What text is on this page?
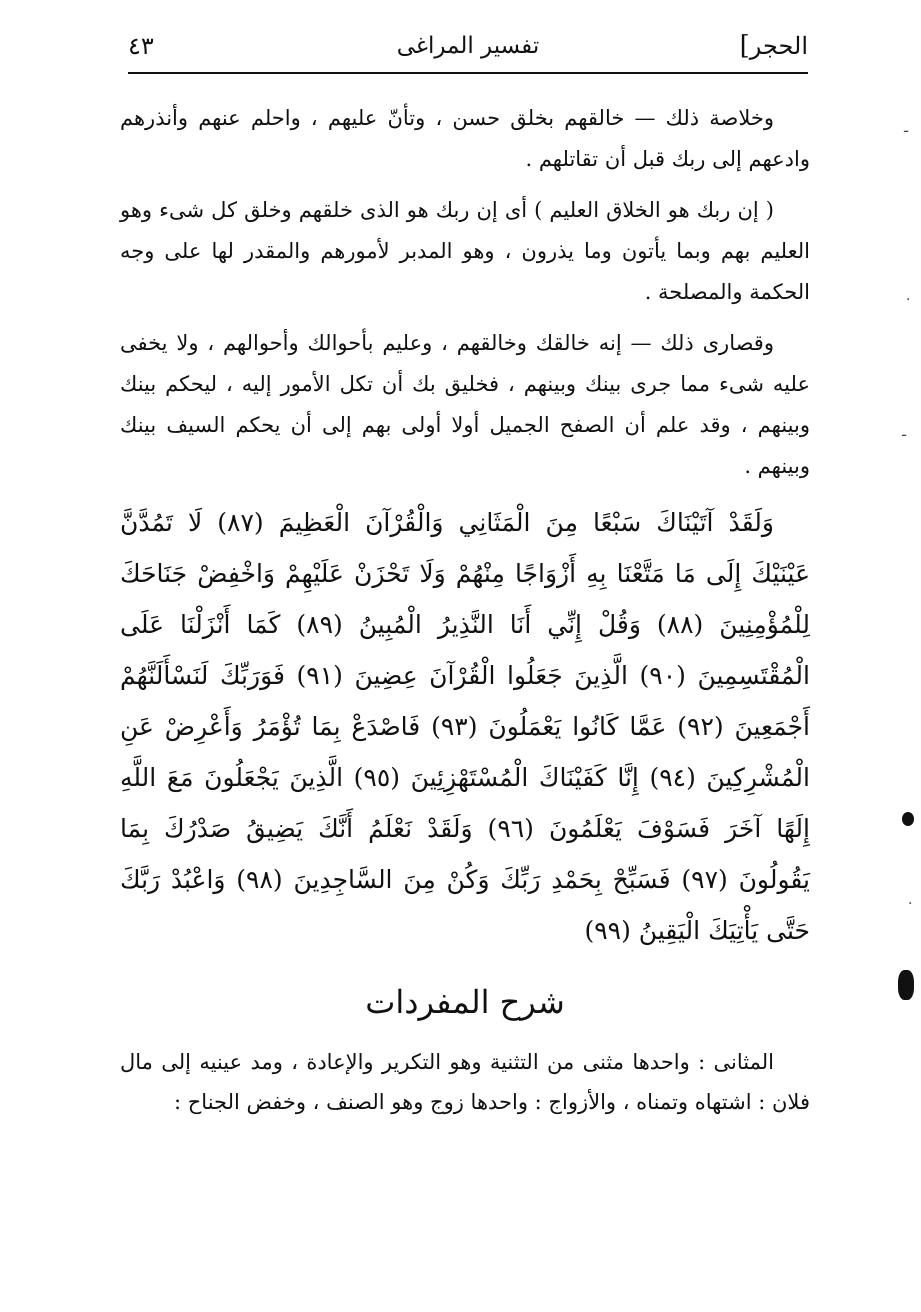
الحجر]
تفسير المراغى
٤٣

وخلاصة ذلك — خالقهم بخلق حسن ، وتأنّ عليهم ، واحلم عنهم وأنذرهم وادعهم إلى ربك قبل أن تقاتلهم .

( إن ربك هو الخلاق العليم ) أى إن ربك هو الذى خلقهم وخلق كل شىء وهو العليم بهم وبما يأتون وما يذرون ، وهو المدبر لأمورهم والمقدر لها على وجه الحكمة والمصلحة .

وقصارى ذلك — إنه خالقك وخالقهم ، وعليم بأحوالك وأحوالهم ، ولا يخفى عليه شىء مما جرى بينك وبينهم ، فخليق بك أن تكل الأمور إليه ، ليحكم بينك وبينهم ، وقد علم أن الصفح الجميل أولا أولى بهم إلى أن يحكم السيف بينك وبينهم .

وَلَقَدْ آتَيْنَاكَ سَبْعًا مِنَ الْمَثَانِي وَالْقُرْآنَ الْعَظِيمَ (٨٧) لَا تَمُدَّنَّ عَيْنَيْكَ إِلَى مَا مَتَّعْنَا بِهِ أَزْوَاجًا مِنْهُمْ وَلَا تَحْزَنْ عَلَيْهِمْ وَاخْفِضْ جَنَاحَكَ لِلْمُؤْمِنِينَ (٨٨) وَقُلْ إِنِّي أَنَا النَّذِيرُ الْمُبِينُ (٨٩) كَمَا أَنْزَلْنَا عَلَى الْمُقْتَسِمِينَ (٩٠) الَّذِينَ جَعَلُوا الْقُرْآنَ عِضِينَ (٩١) فَوَرَبِّكَ لَنَسْأَلَنَّهُمْ أَجْمَعِينَ (٩٢) عَمَّا كَانُوا يَعْمَلُونَ (٩٣) فَاصْدَعْ بِمَا تُؤْمَرُ وَأَعْرِضْ عَنِ الْمُشْرِكِينَ (٩٤) إِنَّا كَفَيْنَاكَ الْمُسْتَهْزِئِينَ (٩٥) الَّذِينَ يَجْعَلُونَ مَعَ اللَّهِ إِلَهًا آخَرَ فَسَوْفَ يَعْلَمُونَ (٩٦) وَلَقَدْ نَعْلَمُ أَنَّكَ يَضِيقُ صَدْرُكَ بِمَا يَقُولُونَ (٩٧) فَسَبِّحْ بِحَمْدِ رَبِّكَ وَكُنْ مِنَ السَّاجِدِينَ (٩٨) وَاعْبُدْ رَبَّكَ حَتَّى يَأْتِيَكَ الْيَقِينُ (٩٩)

شرح المفردات

المثانى : واحدها مثنى من التثنية وهو التكرير والإعادة ، ومد عينيه إلى مال فلان : اشتهاه وتمناه ، والأزواج : واحدها زوج وهو الصنف ، وخفض الجناح :

ـ
·
ـ
·
